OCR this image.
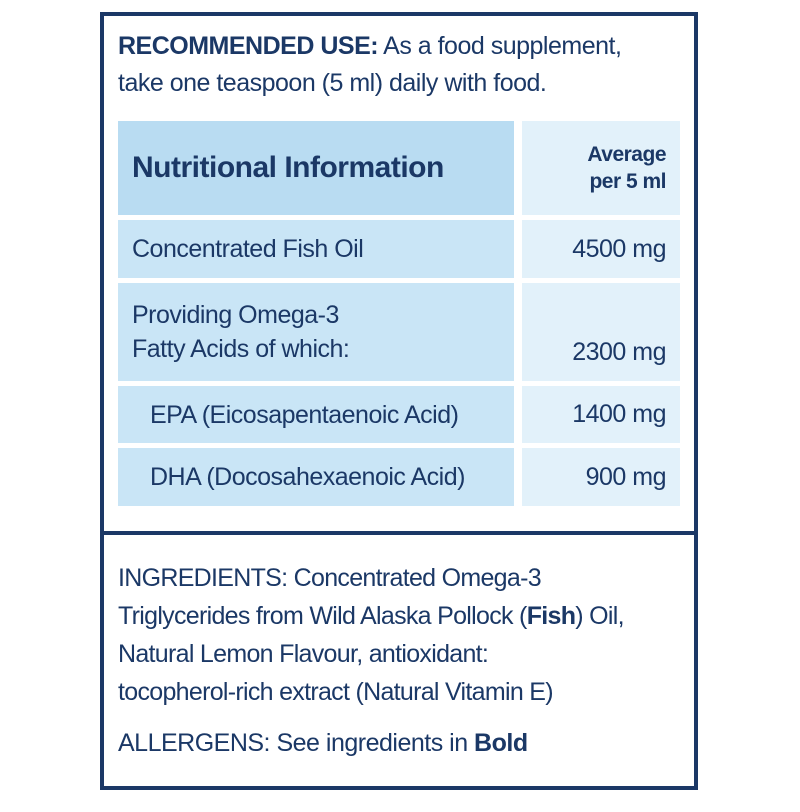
RECOMMENDED USE: As a food supplement,
take one teaspoon (5 ml) daily with food.
Nutritional Information	Average
per 5 ml
Concentrated Fish Oil	4500 mg
Providing Omega-3
Fatty Acids of which:	2300 mg
EPA (Eicosapentaenoic Acid)	1400 mg
DHA (Docosahexaenoic Acid)	900 mg
INGREDIENTS: Concentrated Omega-3
Triglycerides from Wild Alaska Pollock (Fish) Oil,
Natural Lemon Flavour, antioxidant:
tocopherol-rich extract (Natural Vitamin E)
ALLERGENS: See ingredients in Bold
